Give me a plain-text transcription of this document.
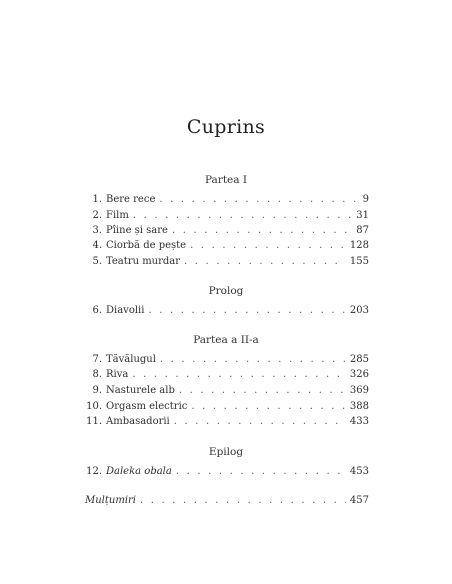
Cuprins
Partea I
1. Bere rece . . .	9
2. Film . . .	31
3. Pîine și sare . . .	87
4. Ciorbă de pește . . .	128
5. Teatru murdar . . .	155
Prolog
6. Diavolii . . .	203
Partea a II-a
7. Tăvălugul . . .	285
8. Riva . . .	326
9. Nasturele alb . . .	369
10. Orgasm electric . . .	388
11. Ambasadorii . . .	433
Epilog
12. Daleka obala . . .	453
Mulțumiri . . .	457
